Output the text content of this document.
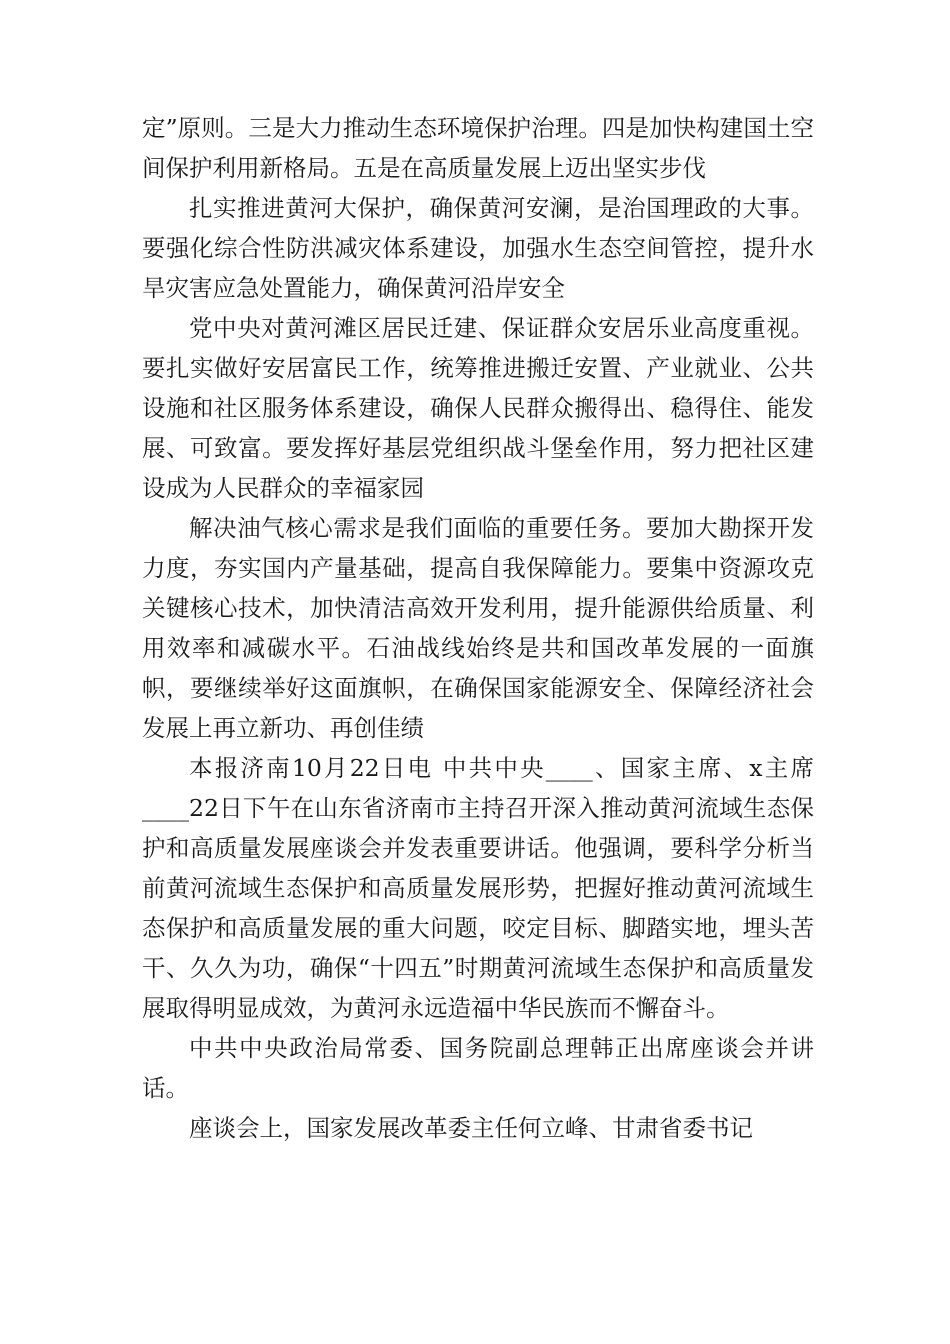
定”原则。三是大力推动生态环境保护治理。四是加快构建国土空间保护利用新格局。五是在高质量发展上迈出坚实步伐

扎实推进黄河大保护，确保黄河安澜，是治国理政的大事。要强化综合性防洪减灾体系建设，加强水生态空间管控，提升水旱灾害应急处置能力，确保黄河沿岸安全

党中央对黄河滩区居民迁建、保证群众安居乐业高度重视。要扎实做好安居富民工作，统筹推进搬迁安置、产业就业、公共设施和社区服务体系建设，确保人民群众搬得出、稳得住、能发展、可致富。要发挥好基层党组织战斗堡垒作用，努力把社区建设成为人民群众的幸福家园

解决油气核心需求是我们面临的重要任务。要加大勘探开发力度，夯实国内产量基础，提高自我保障能力。要集中资源攻克关键核心技术，加快清洁高效开发利用，提升能源供给质量、利用效率和减碳水平。石油战线始终是共和国改革发展的一面旗帜，要继续举好这面旗帜，在确保国家能源安全、保障经济社会发展上再立新功、再创佳绩

本报济南10月22日电 中共中央____、国家主席、x主席____22日下午在山东省济南市主持召开深入推动黄河流域生态保护和高质量发展座谈会并发表重要讲话。他强调，要科学分析当前黄河流域生态保护和高质量发展形势，把握好推动黄河流域生态保护和高质量发展的重大问题，咬定目标、脚踏实地，埋头苦干、久久为功，确保“十四五”时期黄河流域生态保护和高质量发展取得明显成效，为黄河永远造福中华民族而不懈奋斗。

中共中央政治局常委、国务院副总理韩正出席座谈会并讲话。

座谈会上，国家发展改革委主任何立峰、甘肃省委书记
